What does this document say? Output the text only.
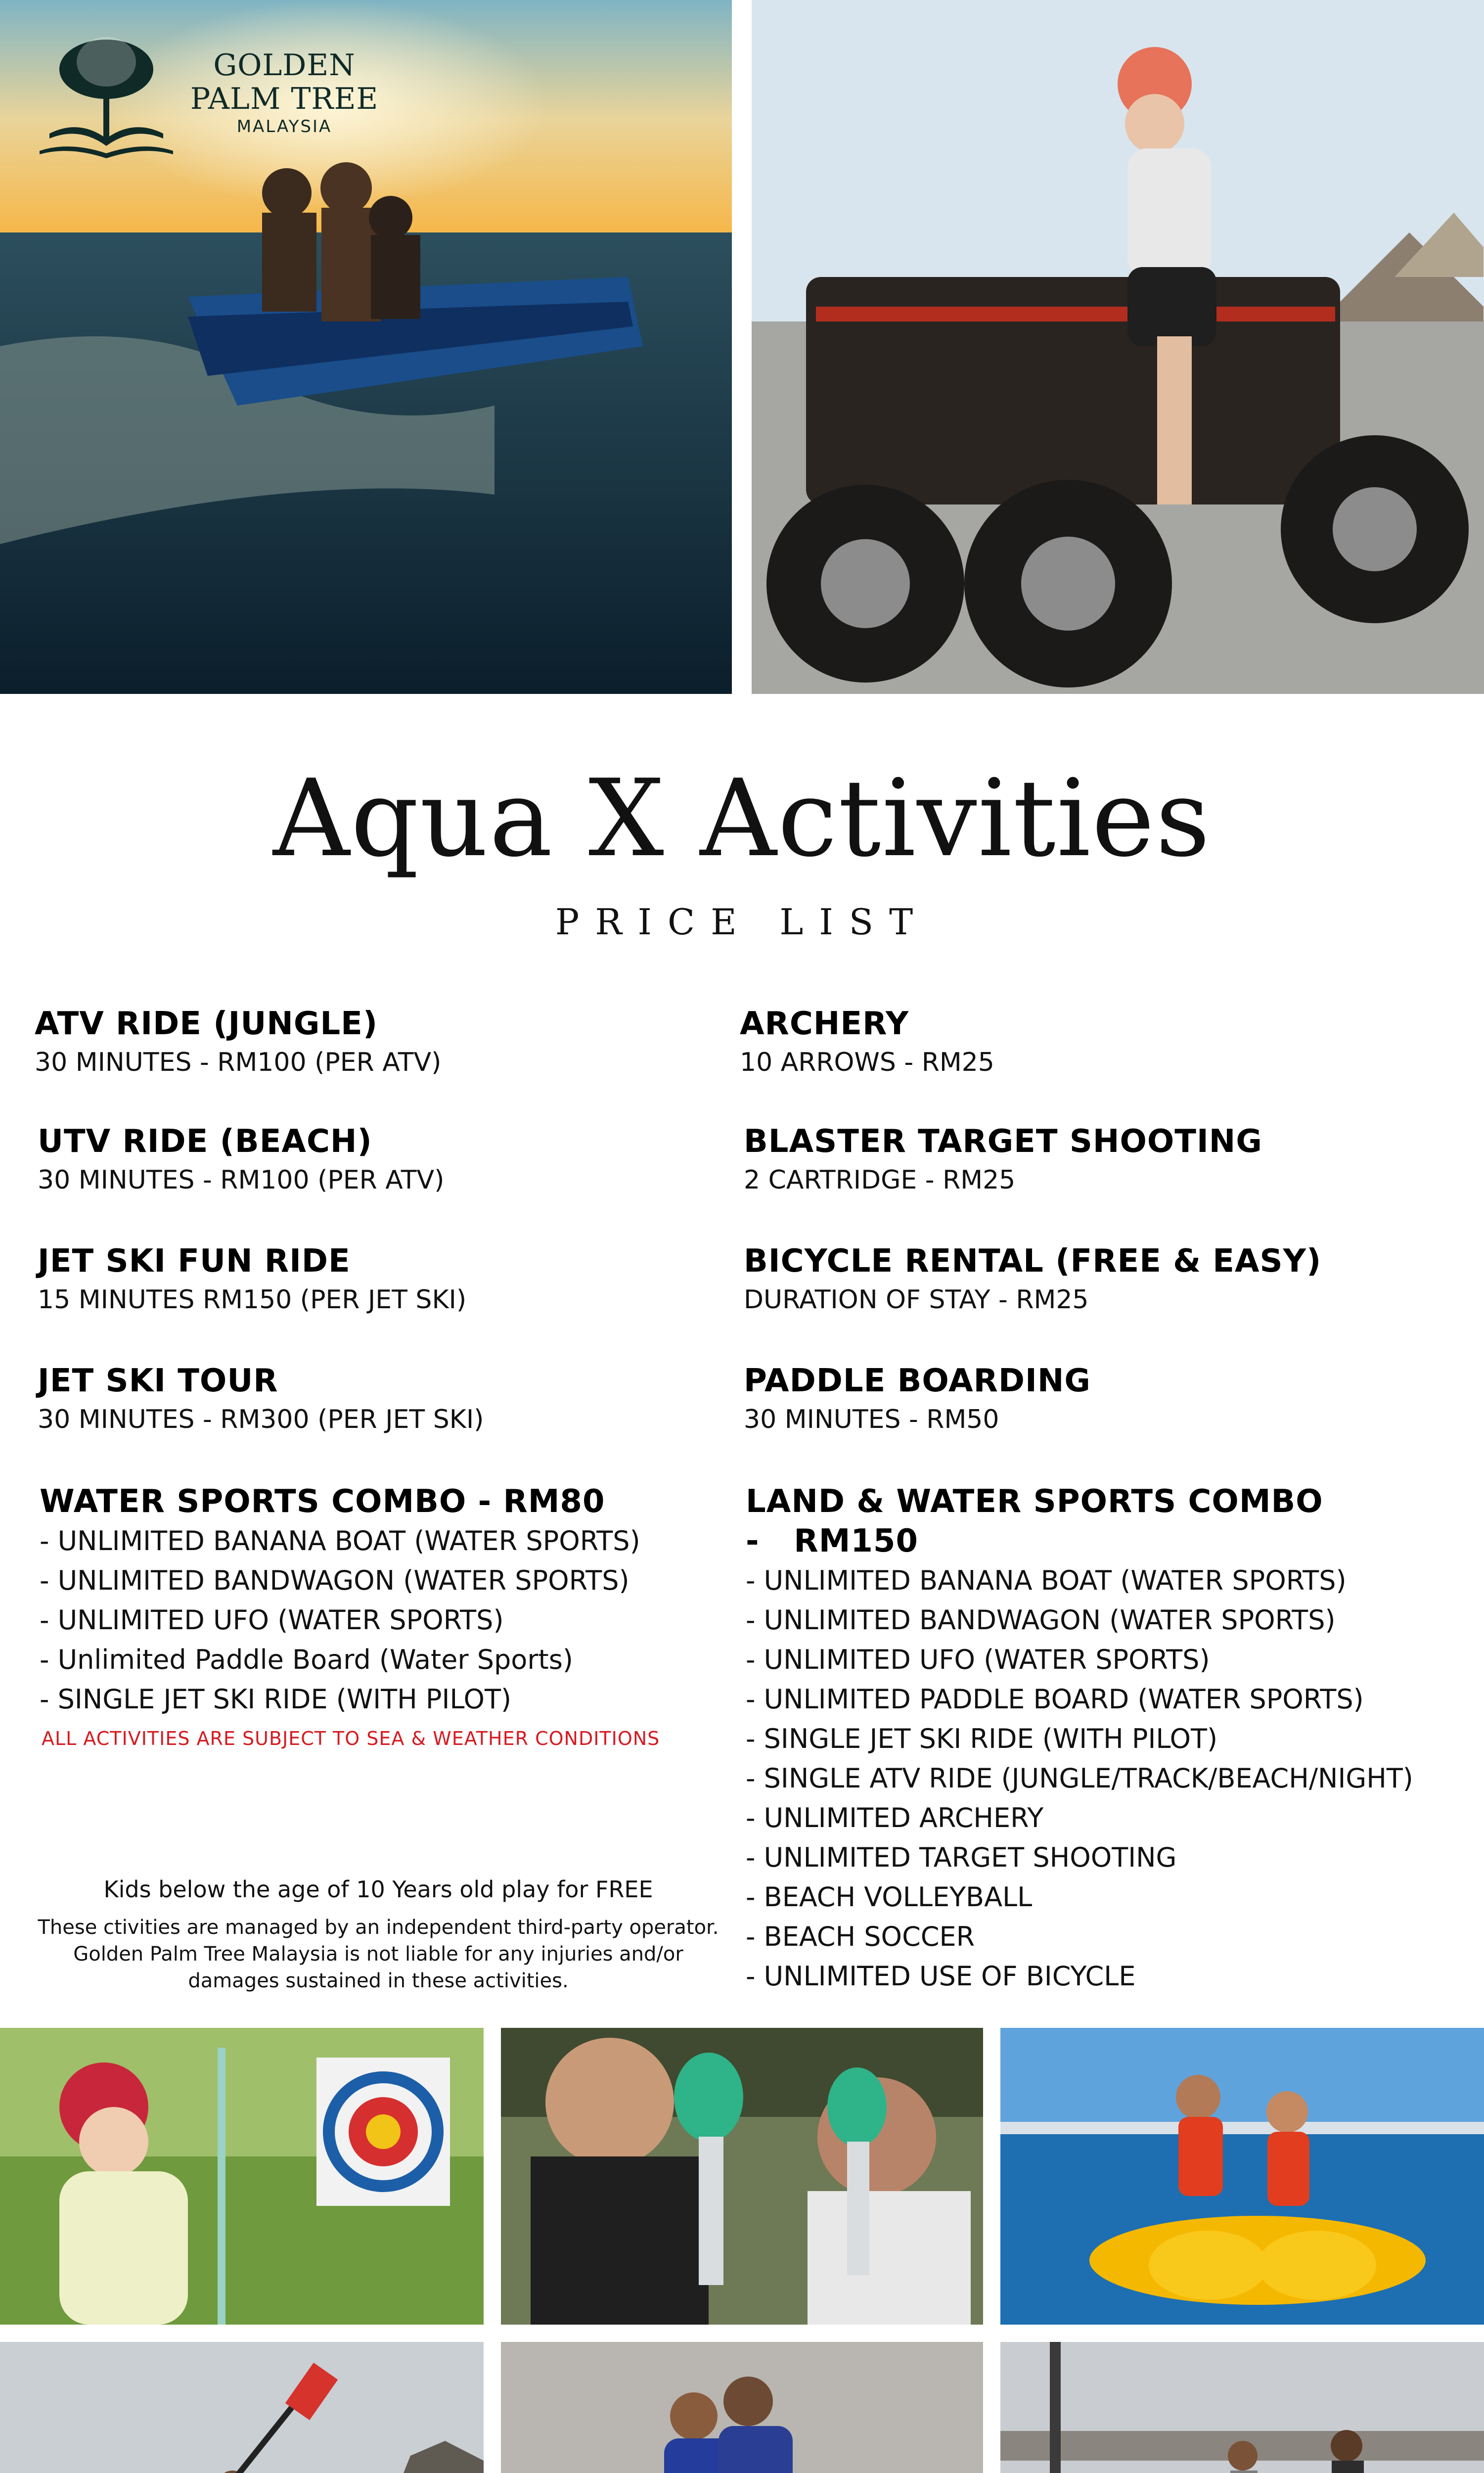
GOLDEN
PALM TREE
MALAYSIA
Aqua X Activities
PRICE LIST
ATV RIDE (JUNGLE)
30 MINUTES - RM100 (PER ATV)
UTV RIDE (BEACH)
30 MINUTES - RM100 (PER ATV)
JET SKI FUN RIDE
15 MINUTES RM150 (PER JET SKI)
JET SKI TOUR
30 MINUTES - RM300 (PER JET SKI)
WATER SPORTS COMBO - RM80
- UNLIMITED BANANA BOAT (WATER SPORTS)
- UNLIMITED BANDWAGON (WATER SPORTS)
- UNLIMITED UFO (WATER SPORTS)
- Unlimited Paddle Board (Water Sports)
- SINGLE JET SKI RIDE (WITH PILOT)
ALL ACTIVITIES ARE SUBJECT TO SEA & WEATHER CONDITIONS
ARCHERY
10 ARROWS - RM25
BLASTER TARGET SHOOTING
2 CARTRIDGE - RM25
BICYCLE RENTAL (FREE & EASY)
DURATION OF STAY - RM25
PADDLE BOARDING
30 MINUTES - RM50
LAND & WATER SPORTS COMBO
-   RM150
- UNLIMITED BANANA BOAT (WATER SPORTS)
- UNLIMITED BANDWAGON (WATER SPORTS)
- UNLIMITED UFO (WATER SPORTS)
- UNLIMITED PADDLE BOARD (WATER SPORTS)
- SINGLE JET SKI RIDE (WITH PILOT)
- SINGLE ATV RIDE (JUNGLE/TRACK/BEACH/NIGHT)
- UNLIMITED ARCHERY
- UNLIMITED TARGET SHOOTING
- BEACH VOLLEYBALL
- BEACH SOCCER
- UNLIMITED USE OF BICYCLE
Kids below the age of 10 Years old play for FREE
These ctivities are managed by an independent third-party operator.
Golden Palm Tree Malaysia is not liable for any injuries and/or
damages sustained in these activities.
